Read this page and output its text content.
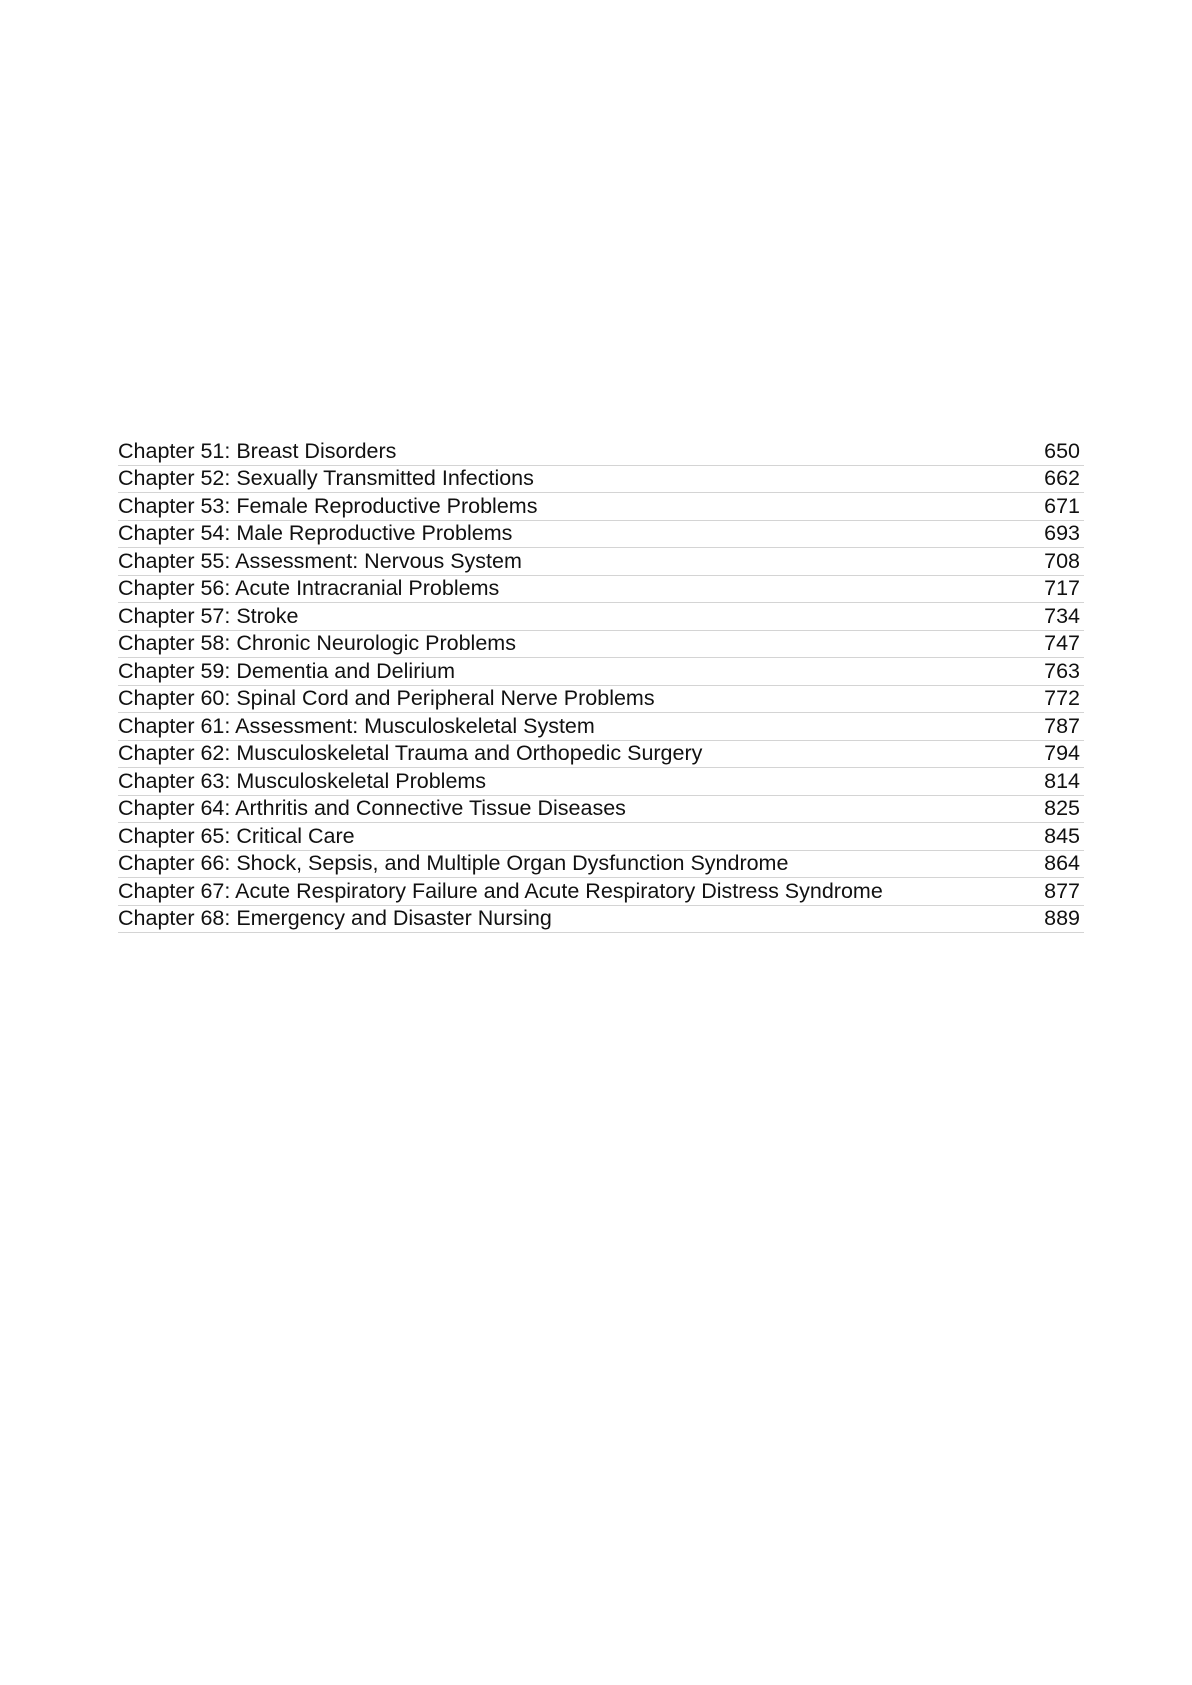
Chapter 51: Breast Disorders	650
Chapter 52: Sexually Transmitted Infections	662
Chapter 53: Female Reproductive Problems	671
Chapter 54: Male Reproductive Problems	693
Chapter 55: Assessment: Nervous System	708
Chapter 56: Acute Intracranial Problems	717
Chapter 57: Stroke	734
Chapter 58: Chronic Neurologic Problems	747
Chapter 59: Dementia and Delirium	763
Chapter 60: Spinal Cord and Peripheral Nerve Problems	772
Chapter 61: Assessment: Musculoskeletal System	787
Chapter 62: Musculoskeletal Trauma and Orthopedic Surgery	794
Chapter 63: Musculoskeletal Problems	814
Chapter 64: Arthritis and Connective Tissue Diseases	825
Chapter 65: Critical Care	845
Chapter 66: Shock, Sepsis, and Multiple Organ Dysfunction Syndrome	864
Chapter 67: Acute Respiratory Failure and Acute Respiratory Distress Syndrome	877
Chapter 68: Emergency and Disaster Nursing	889
